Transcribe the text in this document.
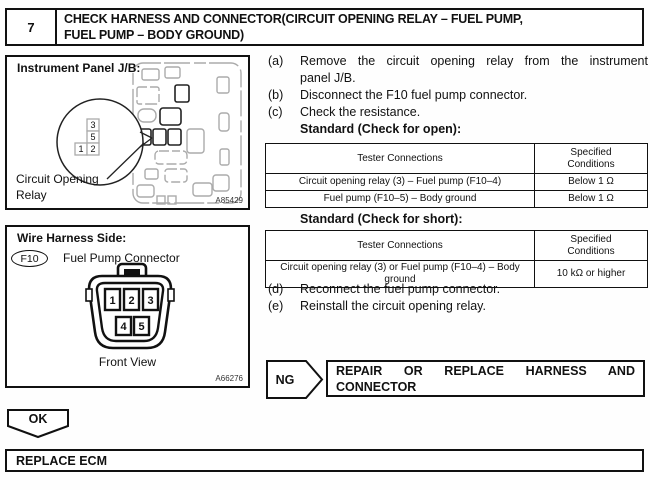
7
CHECK HARNESS AND CONNECTOR(CIRCUIT OPENING RELAY – FUEL PUMP,
FUEL PUMP – BODY GROUND)
3
5
1 2
Instrument Panel J/B:
Circuit Opening
Relay	A85429
1 2 3
4 5
Wire Harness Side:
F10	Fuel Pump Connector
Front View
A66276
(a)	Remove the circuit opening relay from the instrument
panel J/B.
(b)	Disconnect the F10 fuel pump connector.
(c)	Check the resistance.
Standard (Check for open):
Tester Connections	Specified Conditions
Circuit opening relay (3) – Fuel pump (F10–4)	Below 1 Ω
Fuel pump (F10–5) – Body ground	Below 1 Ω
Standard (Check for short):
Tester Connections	Specified Conditions
Circuit opening relay (3) or Fuel pump (F10–4) – Body ground	10 kΩ or higher
(d)	Reconnect the fuel pump connector.
(e)	Reinstall the circuit opening relay.
NG
REPAIR OR REPLACE HARNESS AND
CONNECTOR
OK
REPLACE ECM
